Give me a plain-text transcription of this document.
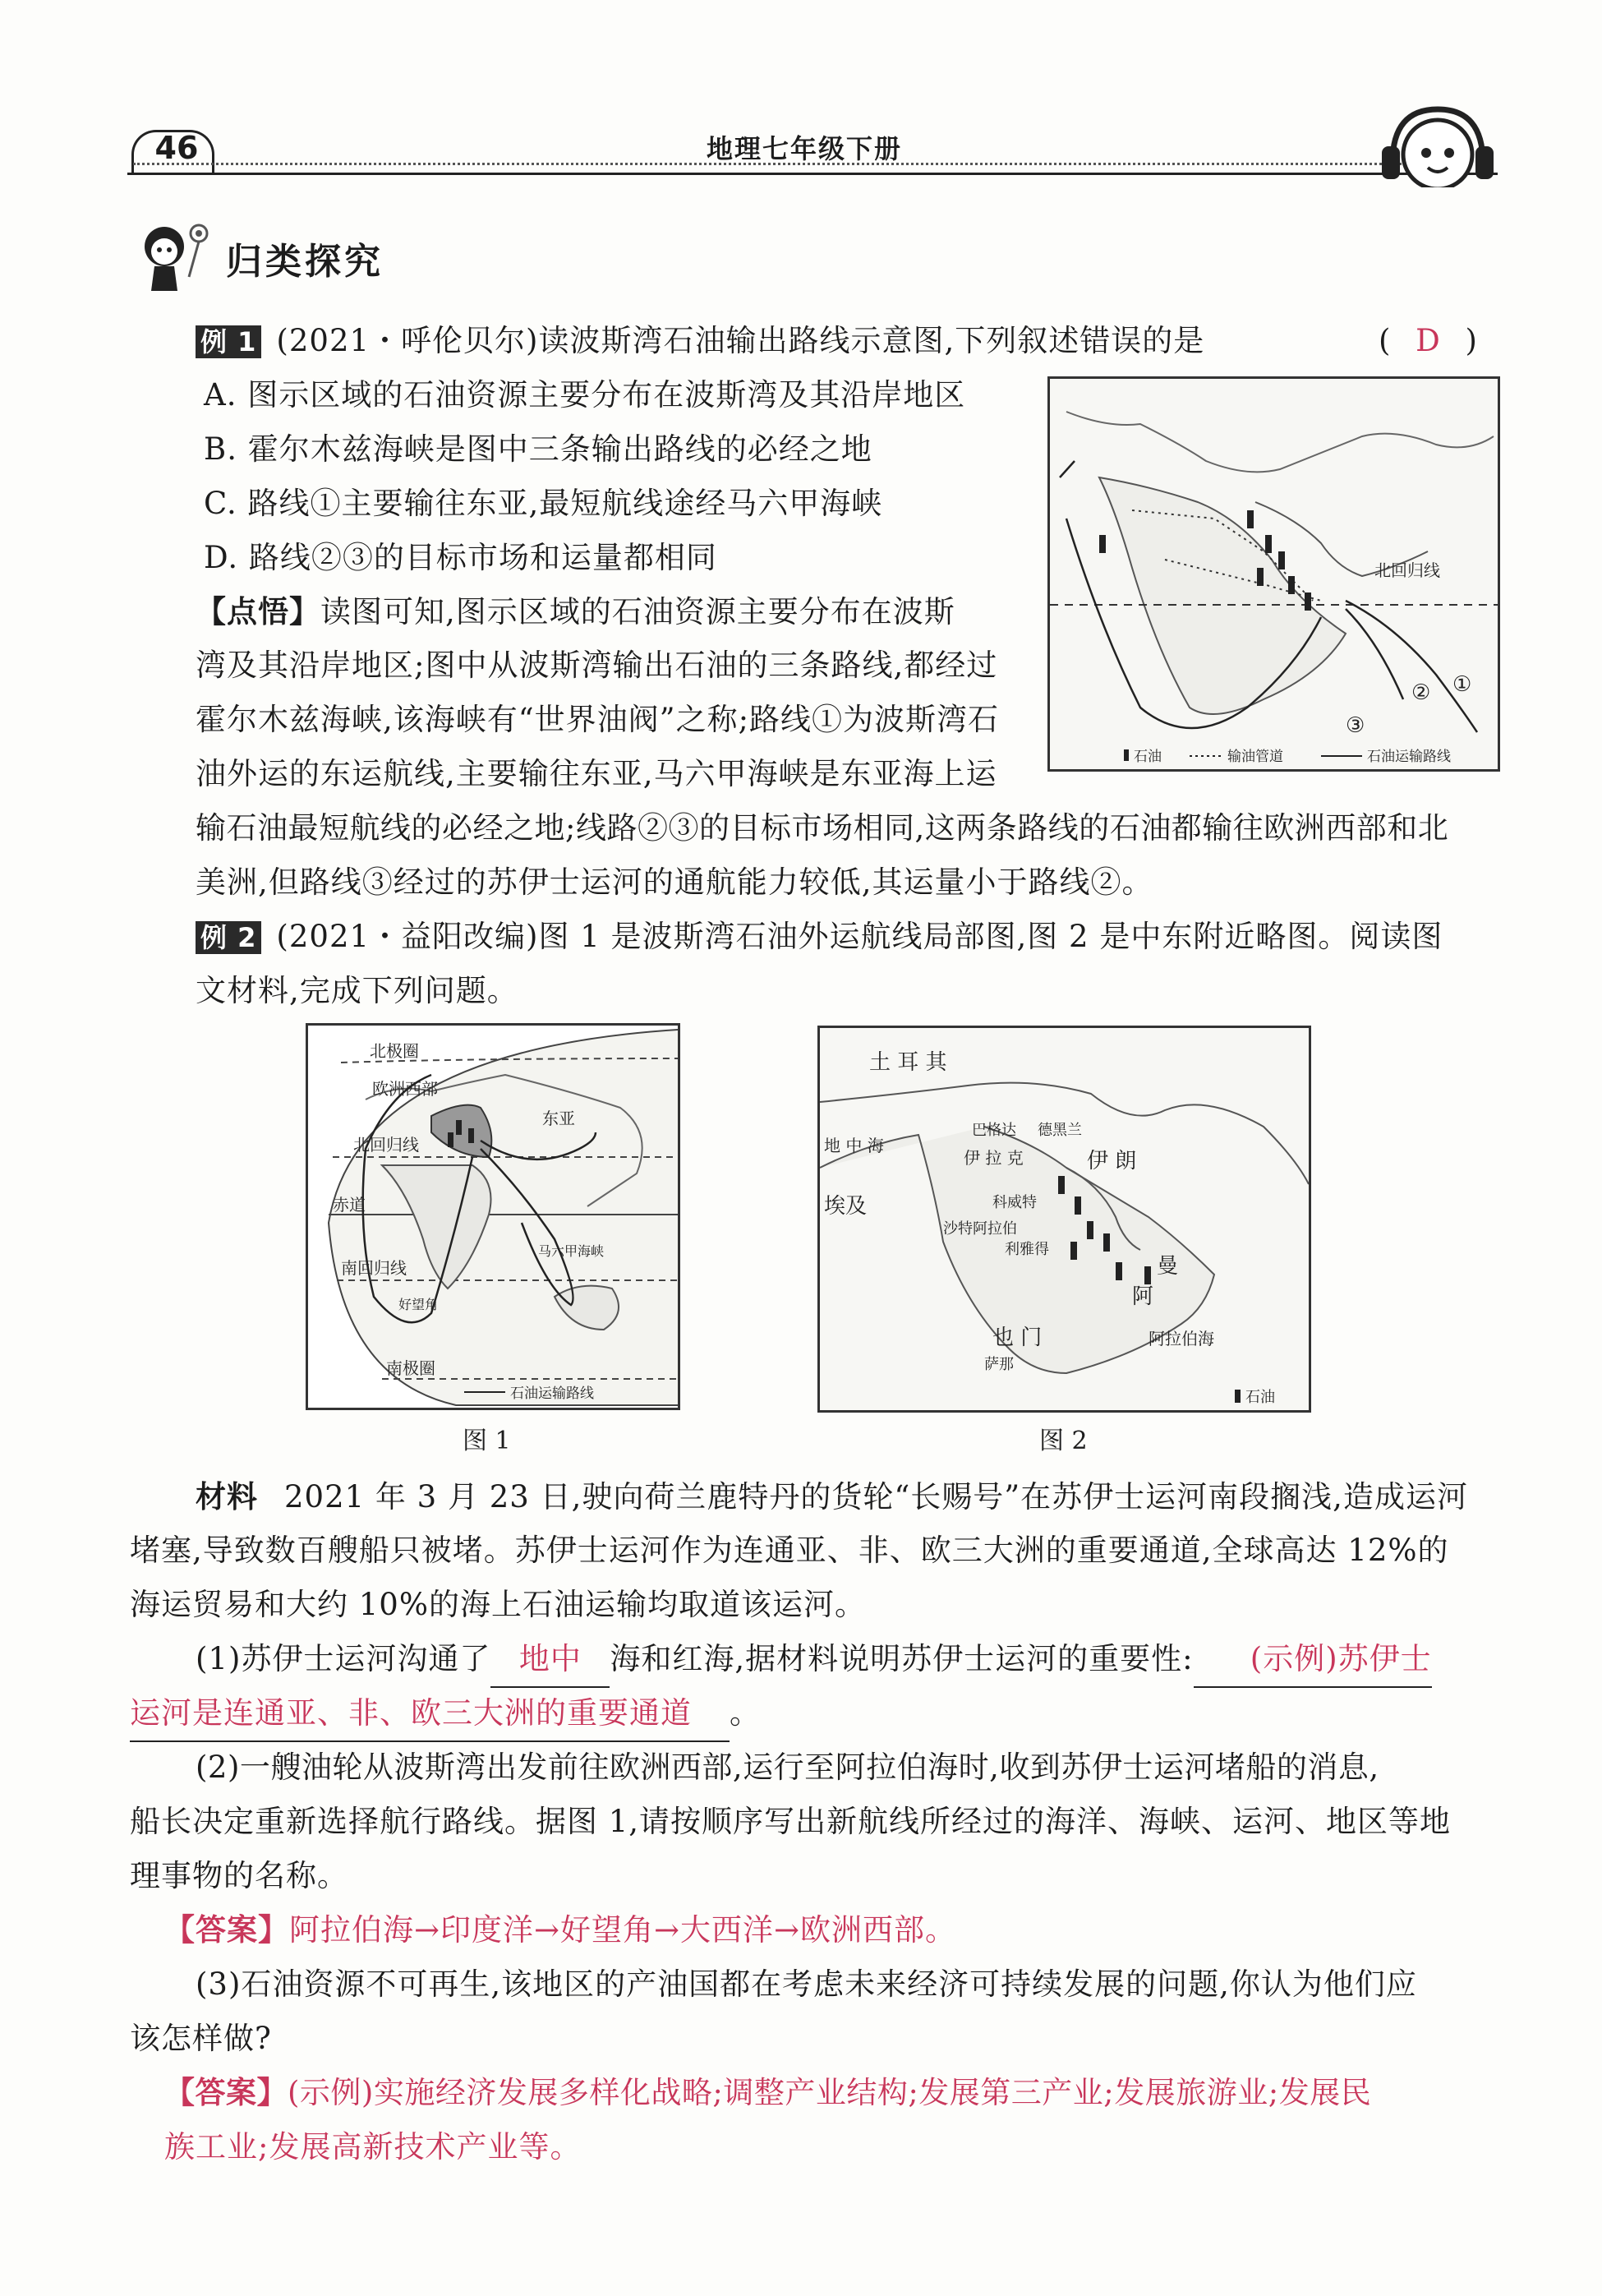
46	地理七年级下册
归类探究
例 1 (2021・呼伦贝尔)读波斯湾石油输出路线示意图,下列叙述错误的是	( D )
A. 图示区域的石油资源主要分布在波斯湾及其沿岸地区
B. 霍尔木兹海峡是图中三条输出路线的必经之地
C. 路线①主要输往东亚,最短航线途经马六甲海峡
D. 路线②③的目标市场和运量都相同	北回归线
①
②
③
石油	输油管道	石油运输路线
【点悟】读图可知,图示区域的石油资源主要分布在波斯
湾及其沿岸地区;图中从波斯湾输出石油的三条路线,都经过
霍尔木兹海峡,该海峡有“世界油阀”之称;路线①为波斯湾石
油外运的东运航线,主要输往东亚,马六甲海峡是东亚海上运
输石油最短航线的必经之地;线路②③的目标市场相同,这两条路线的石油都输往欧洲西部和北
美洲,但路线③经过的苏伊士运河的通航能力较低,其运量小于路线②。
例 2 (2021・益阳改编)图 1 是波斯湾石油外运航线局部图,图 2 是中东附近略图。阅读图
文材料,完成下列问题。
北极圈
欧洲西部
北回归线
东亚
赤道
马六甲海峡
南回归线
好望角
南极圈
石油运输路线
图 1
土 耳 其
地 中 海
巴格达 德黑兰
伊 拉 克	伊 朗
科威特
沙特阿拉伯
利雅得
埃及
也 门
萨那
阿拉伯海
曼
阿
石油
图 2
材料 2021 年 3 月 23 日,驶向荷兰鹿特丹的货轮“长赐号”在苏伊士运河南段搁浅,造成运河
堵塞,导致数百艘船只被堵。苏伊士运河作为连通亚、非、欧三大洲的重要通道,全球高达 12%的
海运贸易和大约 10%的海上石油运输均取道该运河。
(1)苏伊士运河沟通了 地中 海和红海,据材料说明苏伊士运河的重要性: (示例)苏伊士
运河是连通亚、非、欧三大洲的重要通道 。
(2)一艘油轮从波斯湾出发前往欧洲西部,运行至阿拉伯海时,收到苏伊士运河堵船的消息,
船长决定重新选择航行路线。据图 1,请按顺序写出新航线所经过的海洋、海峡、运河、地区等地
理事物的名称。
【答案】阿拉伯海→印度洋→好望角→大西洋→欧洲西部。
(3)石油资源不可再生,该地区的产油国都在考虑未来经济可持续发展的问题,你认为他们应
该怎样做?
【答案】(示例)实施经济发展多样化战略;调整产业结构;发展第三产业;发展旅游业;发展民
族工业;发展高新技术产业等。
